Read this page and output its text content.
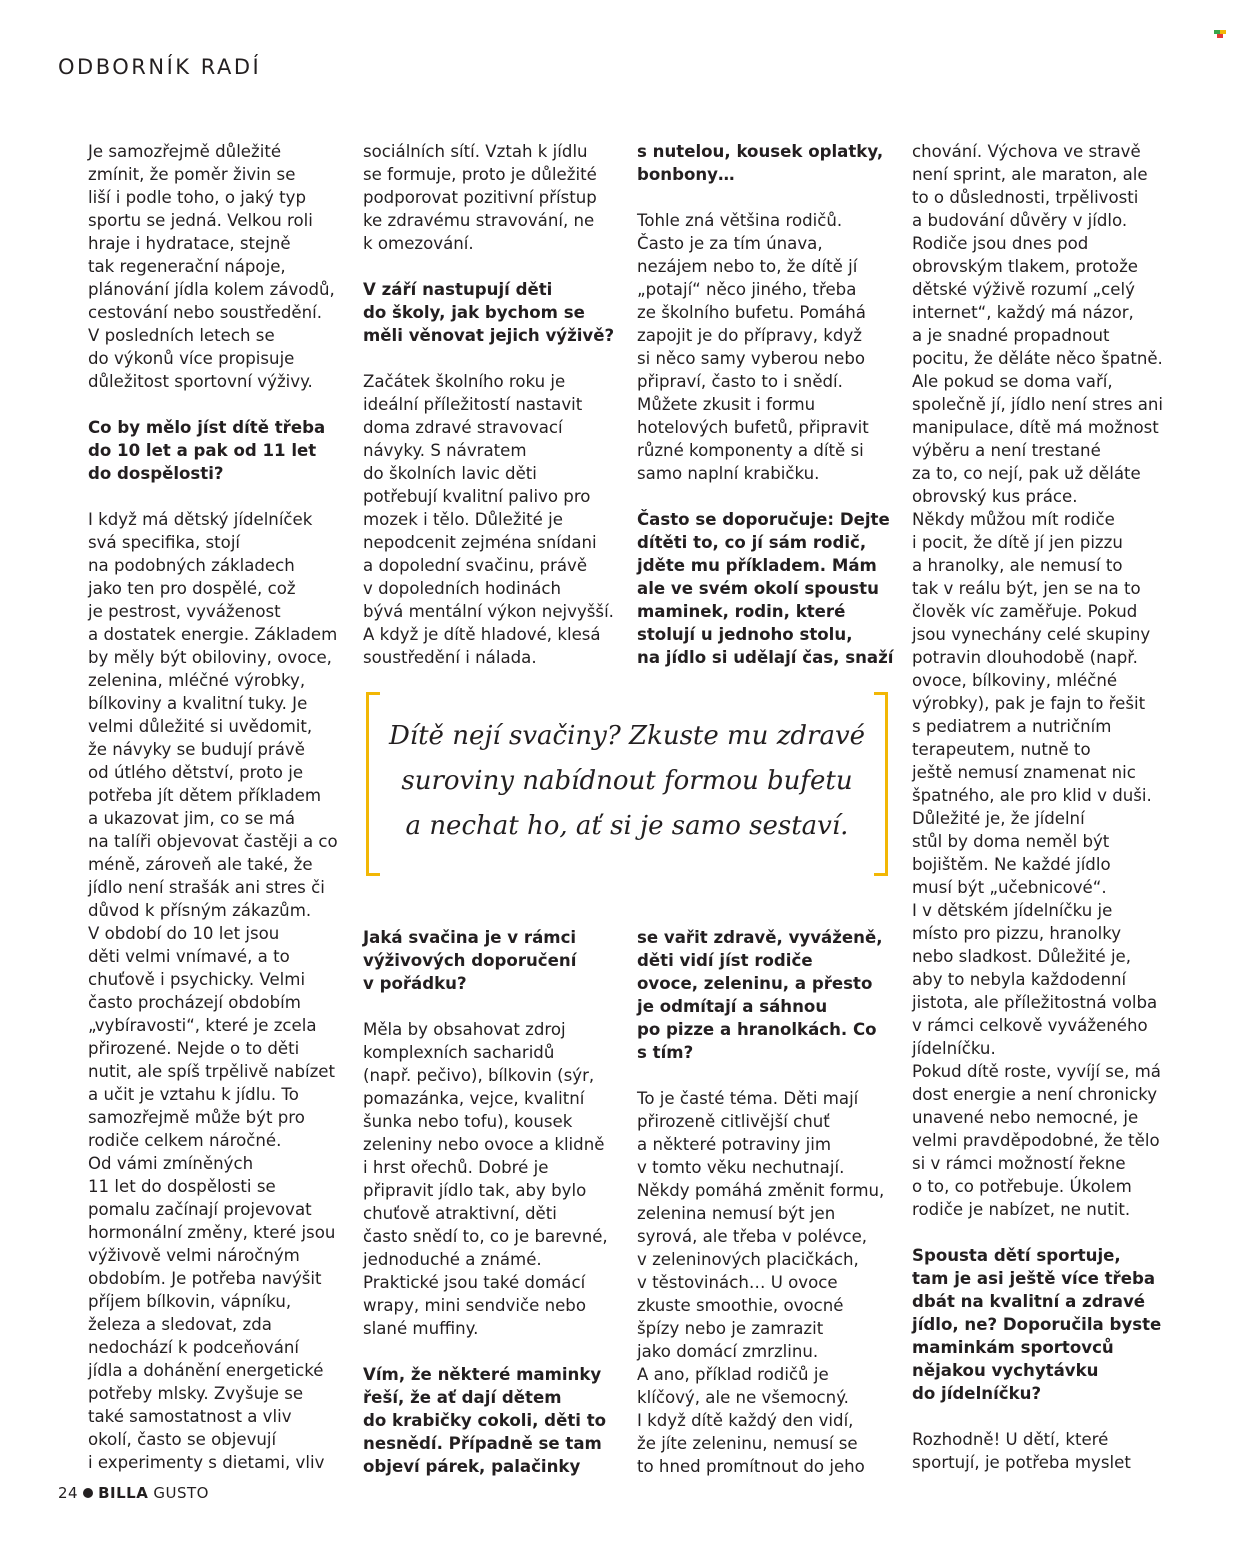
ODBORNÍK RADÍ

Je samozřejmě důležité
zmínit, že poměr živin se
liší i podle toho, o jaký typ
sportu se jedná. Velkou roli
hraje i hydratace, stejně
tak regenerační nápoje,
plánování jídla kolem závodů,
cestování nebo soustředění.
V posledních letech se
do výkonů více propisuje
důležitost sportovní výživy.

Co by mělo jíst dítě třeba
do 10 let a pak od 11 let
do dospělosti?

I když má dětský jídelníček
svá specifika, stojí
na podobných základech
jako ten pro dospělé, což
je pestrost, vyváženost
a dostatek energie. Základem
by měly být obiloviny, ovoce,
zelenina, mléčné výrobky,
bílkoviny a kvalitní tuky. Je
velmi důležité si uvědomit,
že návyky se budují právě
od útlého dětství, proto je
potřeba jít dětem příkladem
a ukazovat jim, co se má
na talíři objevovat častěji a co
méně, zároveň ale také, že
jídlo není strašák ani stres či
důvod k přísným zákazům.
V období do 10 let jsou
děti velmi vnímavé, a to
chuťově i psychicky. Velmi
často procházejí obdobím
„vybíravosti“, které je zcela
přirozené. Nejde o to děti
nutit, ale spíš trpělivě nabízet
a učit je vztahu k jídlu. To
samozřejmě může být pro
rodiče celkem náročné.
Od vámi zmíněných
11 let do dospělosti se
pomalu začínají projevovat
hormonální změny, které jsou
výživově velmi náročným
obdobím. Je potřeba navýšit
příjem bílkovin, vápníku,
železa a sledovat, zda
nedochází k podceňování
jídla a dohánění energetické
potřeby mlsky. Zvyšuje se
také samostatnost a vliv
okolí, často se objevují
i experimenty s dietami, vliv

sociálních sítí. Vztah k jídlu
se formuje, proto je důležité
podporovat pozitivní přístup
ke zdravému stravování, ne
k omezování.

V září nastupují děti
do školy, jak bychom se
měli věnovat jejich výživě?

Začátek školního roku je
ideální příležitostí nastavit
doma zdravé stravovací
návyky. S návratem
do školních lavic děti
potřebují kvalitní palivo pro
mozek i tělo. Důležité je
nepodcenit zejména snídani
a dopolední svačinu, právě
v dopoledních hodinách
bývá mentální výkon nejvyšší.
A když je dítě hladové, klesá
soustředění i nálada.

s nutelou, kousek oplatky,
bonbony…

Tohle zná většina rodičů.
Často je za tím únava,
nezájem nebo to, že dítě jí
„potají“ něco jiného, třeba
ze školního bufetu. Pomáhá
zapojit je do přípravy, když
si něco samy vyberou nebo
připraví, často to i snědí.
Můžete zkusit i formu
hotelových bufetů, připravit
různé komponenty a dítě si
samo naplní krabičku.

Často se doporučuje: Dejte
dítěti to, co jí sám rodič,
jděte mu příkladem. Mám
ale ve svém okolí spoustu
maminek, rodin, které
stolují u jednoho stolu,
na jídlo si udělají čas, snaží

chování. Výchova ve stravě
není sprint, ale maraton, ale
to o důslednosti, trpělivosti
a budování důvěry v jídlo.
Rodiče jsou dnes pod
obrovským tlakem, protože
dětské výživě rozumí „celý
internet“, každý má názor,
a je snadné propadnout
pocitu, že děláte něco špatně.
Ale pokud se doma vaří,
společně jí, jídlo není stres ani
manipulace, dítě má možnost
výběru a není trestané
za to, co nejí, pak už děláte
obrovský kus práce.
Někdy můžou mít rodiče
i pocit, že dítě jí jen pizzu
a hranolky, ale nemusí to
tak v reálu být, jen se na to
člověk víc zaměřuje. Pokud
jsou vynechány celé skupiny
potravin dlouhodobě (např.
ovoce, bílkoviny, mléčné
výrobky), pak je fajn to řešit
s pediatrem a nutričním
terapeutem, nutně to
ještě nemusí znamenat nic
špatného, ale pro klid v duši.
Důležité je, že jídelní
stůl by doma neměl být
bojištěm. Ne každé jídlo
musí být „učebnicové“.
I v dětském jídelníčku je
místo pro pizzu, hranolky
nebo sladkost. Důležité je,
aby to nebyla každodenní
jistota, ale příležitostná volba
v rámci celkově vyváženého
jídelníčku.
Pokud dítě roste, vyvíjí se, má
dost energie a není chronicky
unavené nebo nemocné, je
velmi pravděpodobné, že tělo
si v rámci možností řekne
o to, co potřebuje. Úkolem
rodiče je nabízet, ne nutit.

Spousta dětí sportuje,
tam je asi ještě více třeba
dbát na kvalitní a zdravé
jídlo, ne? Doporučila byste
maminkám sportovců
nějakou vychytávku
do jídelníčku?

Rozhodně! U dětí, které
sportují, je potřeba myslet

Jaká svačina je v rámci
výživových doporučení
v pořádku?

Měla by obsahovat zdroj
komplexních sacharidů
(např. pečivo), bílkovin (sýr,
pomazánka, vejce, kvalitní
šunka nebo tofu), kousek
zeleniny nebo ovoce a klidně
i hrst ořechů. Dobré je
připravit jídlo tak, aby bylo
chuťově atraktivní, děti
často snědí to, co je barevné,
jednoduché a známé.
Praktické jsou také domácí
wrapy, mini sendviče nebo
slané muffiny.

Vím, že některé maminky
řeší, že ať dají dětem
do krabičky cokoli, děti to
nesnědí. Případně se tam
objeví párek, palačinky

se vařit zdravě, vyváženě,
děti vidí jíst rodiče
ovoce, zeleninu, a přesto
je odmítají a sáhnou
po pizze a hranolkách. Co
s tím?

To je časté téma. Děti mají
přirozeně citlivější chuť
a některé potraviny jim
v tomto věku nechutnají.
Někdy pomáhá změnit formu,
zelenina nemusí být jen
syrová, ale třeba v polévce,
v zeleninových placičkách,
v těstovinách… U ovoce
zkuste smoothie, ovocné
špízy nebo je zamrazit
jako domácí zmrzlinu.
A ano, příklad rodičů je
klíčový, ale ne všemocný.
I když dítě každý den vidí,
že jíte zeleninu, nemusí se
to hned promítnout do jeho

Dítě nejí svačiny? Zkuste mu zdravé
suroviny nabídnout formou bufetu
a nechat ho, ať si je samo sestaví.
24 BILLA GUSTO
